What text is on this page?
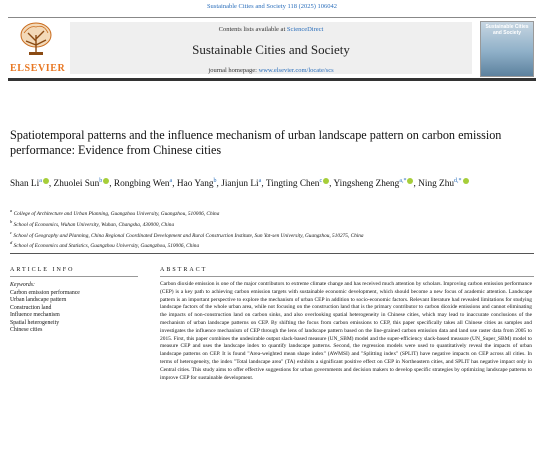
Sustainable Cities and Society 118 (2025) 106042
ELSEVIER
Contents lists available at ScienceDirect
Sustainable Cities and Society
journal homepage: www.elsevier.com/locate/scs
Sustainable Cities and Society
Spatiotemporal patterns and the influence mechanism of urban landscape pattern on carbon emission performance: Evidence from Chinese cities
Shan Li$^a$ , Zhuolei Sun$^b$ , Rongbing Wen$^a$, Hao Yang$^b$, Jianjun Li$^a$, Tingting Chen$^c$ , Yingsheng Zheng$^{a,*}$ , Ning Zhu$^{d,*}$
$^a$ College of Architecture and Urban Planning, Guangzhou University, Guangzhou, 510006, China
$^b$ School of Economics, Wuhan University, Wuhan, Changsha, 430000, China
$^c$ School of Geography and Planning, China Regional Coordinated Development and Rural Construction Institute, Sun Yat-sen University, Guangzhou, 510275, China
$^d$ School of Economics and Statistics, Guangzhou University, Guangzhou, 510006, China
ARTICLE INFO
Keywords:
Carbon emission performance
Urban landscape pattern
Construction land
Influence mechanism
Spatial heterogeneity
Chinese cities
ABSTRACT
Carbon dioxide emission is one of the major contributors to extreme climate change and has received much attention by scholars. Improving carbon emission performance (CEP) is a key path to achieving carbon emission targets with sustainable economic development, which should become a new focus of academic attention. Landscape pattern is an important perspective to explore the mechanism of urban CEP in addition to socio-economic factors. Relevant literature had revealed limitations for studying landscape factors of the whole urban area, while not focusing on the construction land that is the primary contributor to carbon dioxide emissions and cannot eliminating the impacts of non-construction land on carbon sinks, and also overlooking spatial heterogeneity in Chinese cities, which may lead to inaccurate conclusions of the mechanism of urban landscape patterns on CEP. By shifting the focus from carbon emissions to CEP, this paper specifically takes all Chinese cities as samples and investigates the influence mechanism of CEP through the lens of landscape pattern based on the line-grained carbon emission data and land use raster data from 2005 to 2015. First, this paper combines the undesirable output slack-based measure (UN_SBM) model and the super-efficiency slack-based measure (UN_Super_SBM) model to measure CEP and uses the landscape index to quantify landscape patterns. Second, the regression models were used to quantitatively reveal the impacts of urban landscape patterns on CEP. It is found "Area-weighted mean shape index" (AWMSI) and "Splitting index" (SPLIT) have negative impacts on CEP across all cities. In terms of heterogeneity, the index "Total landscape area" (TA) exhibits a significant positive effect on CEP in Northeastern cities, and SPLIT has negative impact only in Central cities. This study aims to offer effective suggestions for urban governments and decision makers to develop specific strategies by optimizing landscape patterns to improve CEP for sustainable development.
